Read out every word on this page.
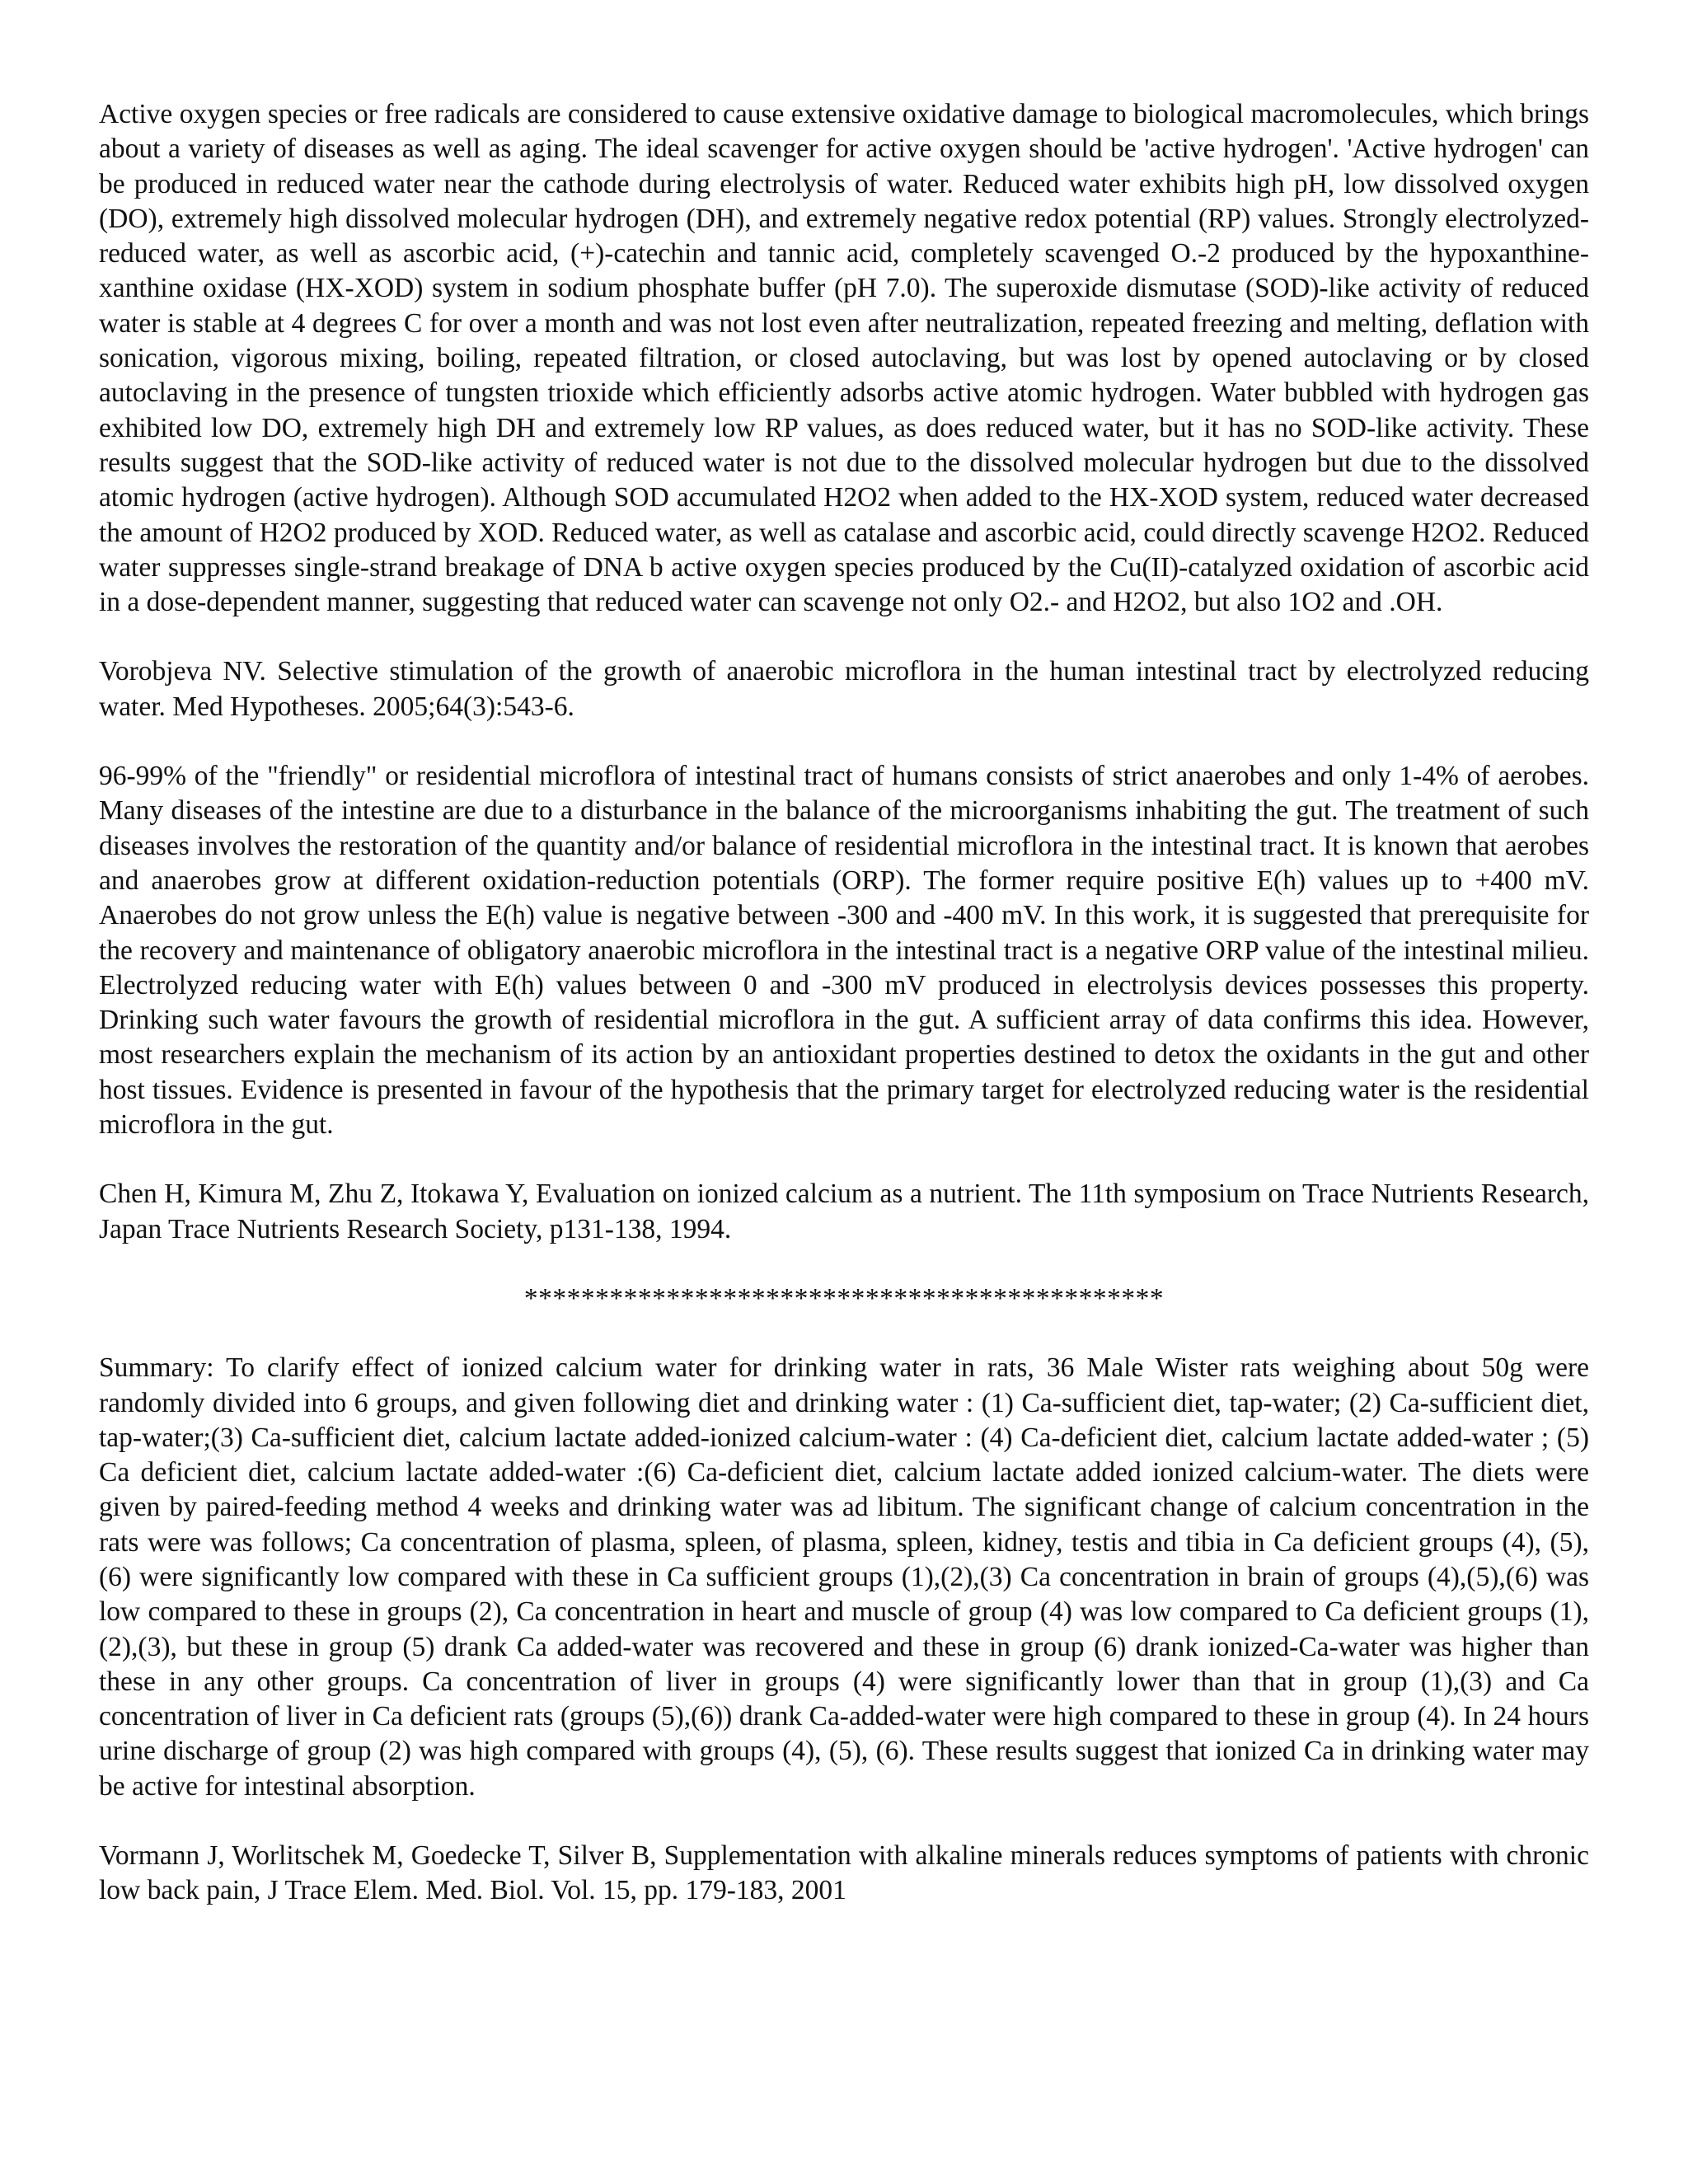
Active oxygen species or free radicals are considered to cause extensive oxidative damage to biological macromolecules, which brings about a variety of diseases as well as aging. The ideal scavenger for active oxygen should be 'active hydrogen'. 'Active hydrogen' can be produced in reduced water near the cathode during electrolysis of water. Reduced water exhibits high pH, low dissolved oxygen (DO), extremely high dissolved molecular hydrogen (DH), and extremely negative redox potential (RP) values. Strongly electrolyzed-reduced water, as well as ascorbic acid, (+)-catechin and tannic acid, completely scavenged O.-2 produced by the hypoxanthine-xanthine oxidase (HX-XOD) system in sodium phosphate buffer (pH 7.0). The superoxide dismutase (SOD)-like activity of reduced water is stable at 4 degrees C for over a month and was not lost even after neutralization, repeated freezing and melting, deflation with sonication, vigorous mixing, boiling, repeated filtration, or closed autoclaving, but was lost by opened autoclaving or by closed autoclaving in the presence of tungsten trioxide which efficiently adsorbs active atomic hydrogen. Water bubbled with hydrogen gas exhibited low DO, extremely high DH and extremely low RP values, as does reduced water, but it has no SOD-like activity. These results suggest that the SOD-like activity of reduced water is not due to the dissolved molecular hydrogen but due to the dissolved atomic hydrogen (active hydrogen). Although SOD accumulated H2O2 when added to the HX-XOD system, reduced water decreased the amount of H2O2 produced by XOD. Reduced water, as well as catalase and ascorbic acid, could directly scavenge H2O2. Reduced water suppresses single-strand breakage of DNA b active oxygen species produced by the Cu(II)-catalyzed oxidation of ascorbic acid in a dose-dependent manner, suggesting that reduced water can scavenge not only O2.- and H2O2, but also 1O2 and .OH.

Vorobjeva NV. Selective stimulation of the growth of anaerobic microflora in the human intestinal tract by electrolyzed reducing water. Med Hypotheses. 2005;64(3):543-6.

96-99% of the "friendly" or residential microflora of intestinal tract of humans consists of strict anaerobes and only 1-4% of aerobes. Many diseases of the intestine are due to a disturbance in the balance of the microorganisms inhabiting the gut. The treatment of such diseases involves the restoration of the quantity and/or balance of residential microflora in the intestinal tract. It is known that aerobes and anaerobes grow at different oxidation-reduction potentials (ORP). The former require positive E(h) values up to +400 mV. Anaerobes do not grow unless the E(h) value is negative between -300 and -400 mV. In this work, it is suggested that prerequisite for the recovery and maintenance of obligatory anaerobic microflora in the intestinal tract is a negative ORP value of the intestinal milieu. Electrolyzed reducing water with E(h) values between 0 and -300 mV produced in electrolysis devices possesses this property. Drinking such water favours the growth of residential microflora in the gut. A sufficient array of data confirms this idea. However, most researchers explain the mechanism of its action by an antioxidant properties destined to detox the oxidants in the gut and other host tissues. Evidence is presented in favour of the hypothesis that the primary target for electrolyzed reducing water is the residential microflora in the gut.

Chen H, Kimura M, Zhu Z, Itokawa Y, Evaluation on ionized calcium as a nutrient. The 11th symposium on Trace Nutrients Research, Japan Trace Nutrients Research Society, p131-138, 1994.

*********************************************

Summary: To clarify effect of ionized calcium water for drinking water in rats, 36 Male Wister rats weighing about 50g were randomly divided into 6 groups, and given following diet and drinking water : (1) Ca-sufficient diet, tap-water; (2) Ca-sufficient diet, tap-water;(3) Ca-sufficient diet, calcium lactate added-ionized calcium-water : (4) Ca-deficient diet, calcium lactate added-water ; (5) Ca deficient diet, calcium lactate added-water :(6) Ca-deficient diet, calcium lactate added ionized calcium-water. The diets were given by paired-feeding method 4 weeks and drinking water was ad libitum. The significant change of calcium concentration in the rats were was follows; Ca concentration of plasma, spleen, of plasma, spleen, kidney, testis and tibia in Ca deficient groups (4), (5), (6) were significantly low compared with these in Ca sufficient groups (1),(2),(3) Ca concentration in brain of groups (4),(5),(6) was low compared to these in groups (2), Ca concentration in heart and muscle of group (4) was low compared to Ca deficient groups (1),(2),(3), but these in group (5) drank Ca added-water was recovered and these in group (6) drank ionized-Ca-water was higher than these in any other groups. Ca concentration of liver in groups (4) were significantly lower than that in group (1),(3) and Ca concentration of liver in Ca deficient rats (groups (5),(6)) drank Ca-added-water were high compared to these in group (4). In 24 hours urine discharge of group (2) was high compared with groups (4), (5), (6). These results suggest that ionized Ca in drinking water may be active for intestinal absorption.

Vormann J, Worlitschek M, Goedecke T, Silver B, Supplementation with alkaline minerals reduces symptoms of patients with chronic low back pain, J Trace Elem. Med. Biol. Vol. 15, pp. 179-183, 2001
